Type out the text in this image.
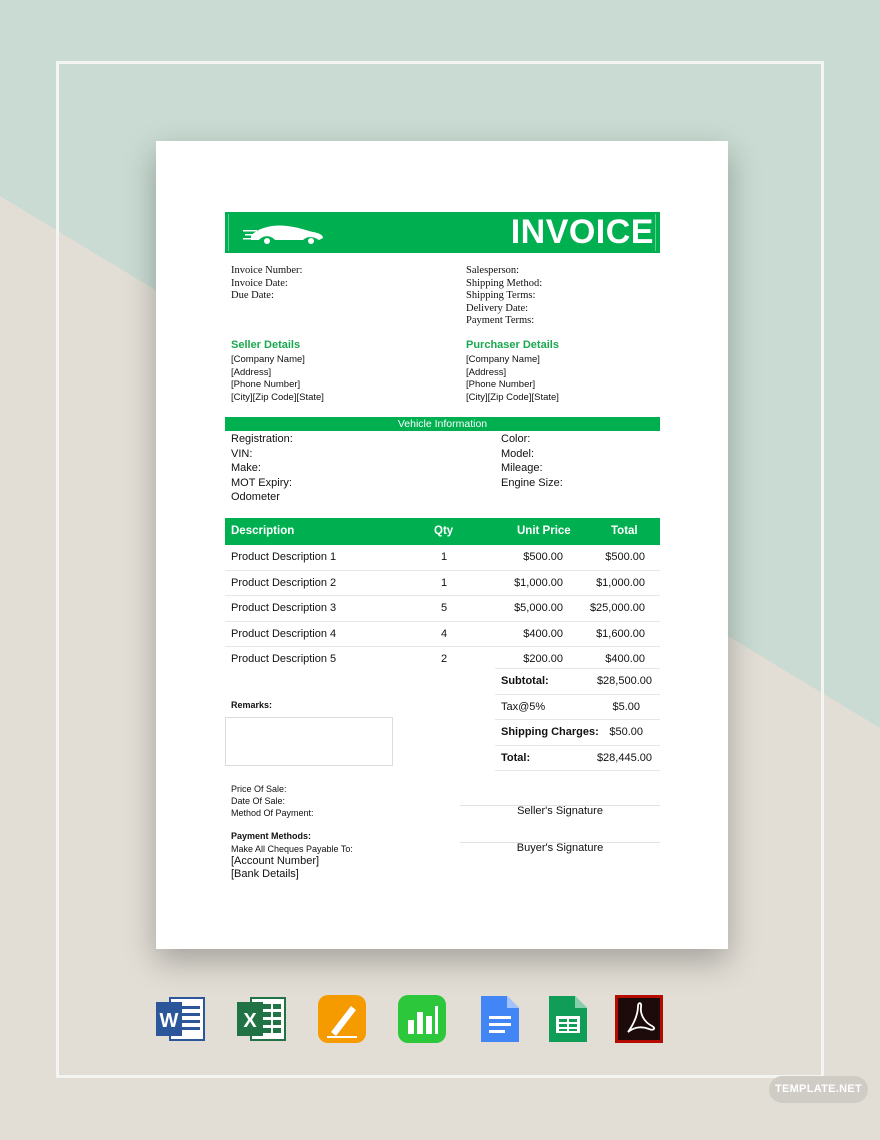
INVOICE
Invoice Number:
Invoice Date:
Due Date:
Salesperson:
Shipping Method:
Shipping Terms:
Delivery Date:
Payment Terms:
Seller Details
[Company Name]
[Address]
[Phone Number]
[City][Zip Code][State]
Purchaser Details
[Company Name]
[Address]
[Phone Number]
[City][Zip Code][State]
Vehicle Information
Registration:
VIN:
Make:
MOT Expiry:
Odometer
Color:
Model:
Mileage:
Engine Size:
Description	Qty	Unit Price	Total
Product Description 1	1	$500.00	$500.00
Product Description 2	1	$1,000.00	$1,000.00
Product Description 3	5	$5,000.00 $25,000.00
Product Description 4	4	$400.00	$1,600.00
Product Description 5	2	$200.00	$400.00
Subtotal:	$28,500.00
Tax@5%	$5.00
Shipping Charges: $50.00
Total:	$28,445.00
Remarks:
Price Of Sale:
Date Of Sale:
Method Of Payment:
Payment Methods:
Make All Cheques Payable To:
[Account Number]
[Bank Details]
Seller's Signature
Buyer's Signature
W	X
TEMPLATE.NET
